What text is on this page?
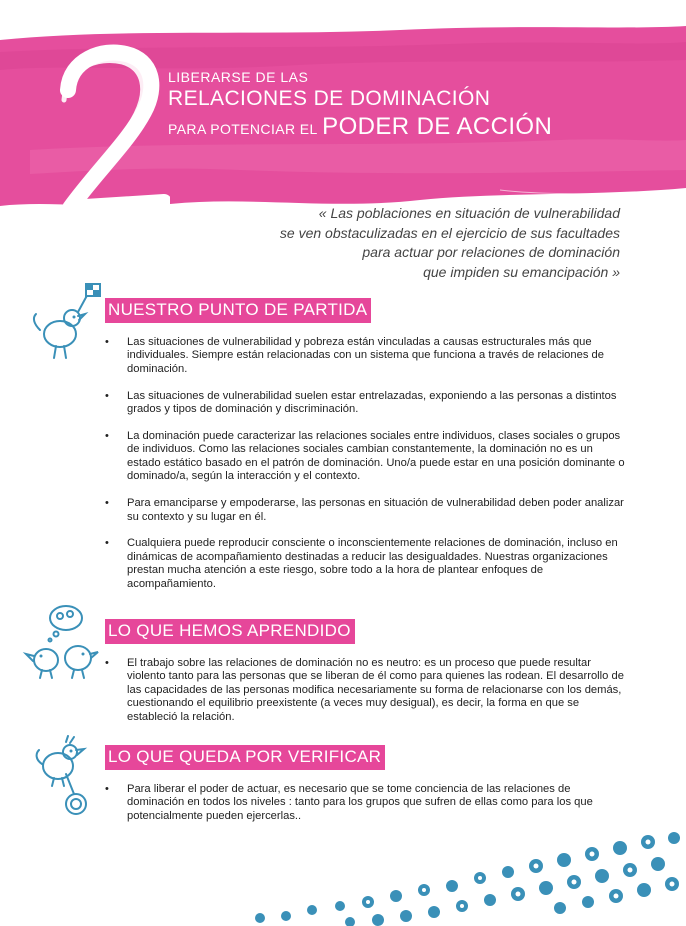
2
LIBERARSE DE LAS
RELACIONES DE DOMINACIÓN
PARA POTENCIAR EL PODER DE ACCIÓN
« Las poblaciones en situación de vulnerabilidad
se ven obstaculizadas en el ejercicio de sus facultades
para actuar por relaciones de dominación
que impiden su emancipación »
NUESTRO PUNTO DE PARTIDA
• Las situaciones de vulnerabilidad y pobreza están vinculadas a causas estructurales más que individuales. Siempre están relacionadas con un sistema que funciona a través de relaciones de dominación.
• Las situaciones de vulnerabilidad suelen estar entrelazadas, exponiendo a las personas a distintos grados y tipos de dominación y discriminación.
• La dominación puede caracterizar las relaciones sociales entre individuos, clases sociales o grupos de individuos. Como las relaciones sociales cambian constantemente, la dominación no es un estado estático basado en el patrón de dominación. Uno/a puede estar en una posición dominante o dominado/a, según la interacción y el contexto.
• Para emanciparse y empoderarse, las personas en situación de vulnerabilidad deben poder analizar su contexto y su lugar en él.
• Cualquiera puede reproducir consciente o inconscientemente relaciones de dominación, incluso en dinámicas de acompañamiento destinadas a reducir las desigualdades. Nuestras organizaciones prestan mucha atención a este riesgo, sobre todo a la hora de plantear enfoques de acompañamiento.
LO QUE HEMOS APRENDIDO
• El trabajo sobre las relaciones de dominación no es neutro: es un proceso que puede resultar violento tanto para las personas que se liberan de él como para quienes las rodean. El desarrollo de las capacidades de las personas modifica necesariamente su forma de relacionarse con los demás, cuestionando el equilibrio preexistente (a veces muy desigual), es decir, la forma en que se estableció la relación.
LO QUE QUEDA POR VERIFICAR
• Para liberar el poder de actuar, es necesario que se tome conciencia de las relaciones de dominación en todos los niveles : tanto para los grupos que sufren de ellas como para los que potencialmente pueden ejercerlas..
